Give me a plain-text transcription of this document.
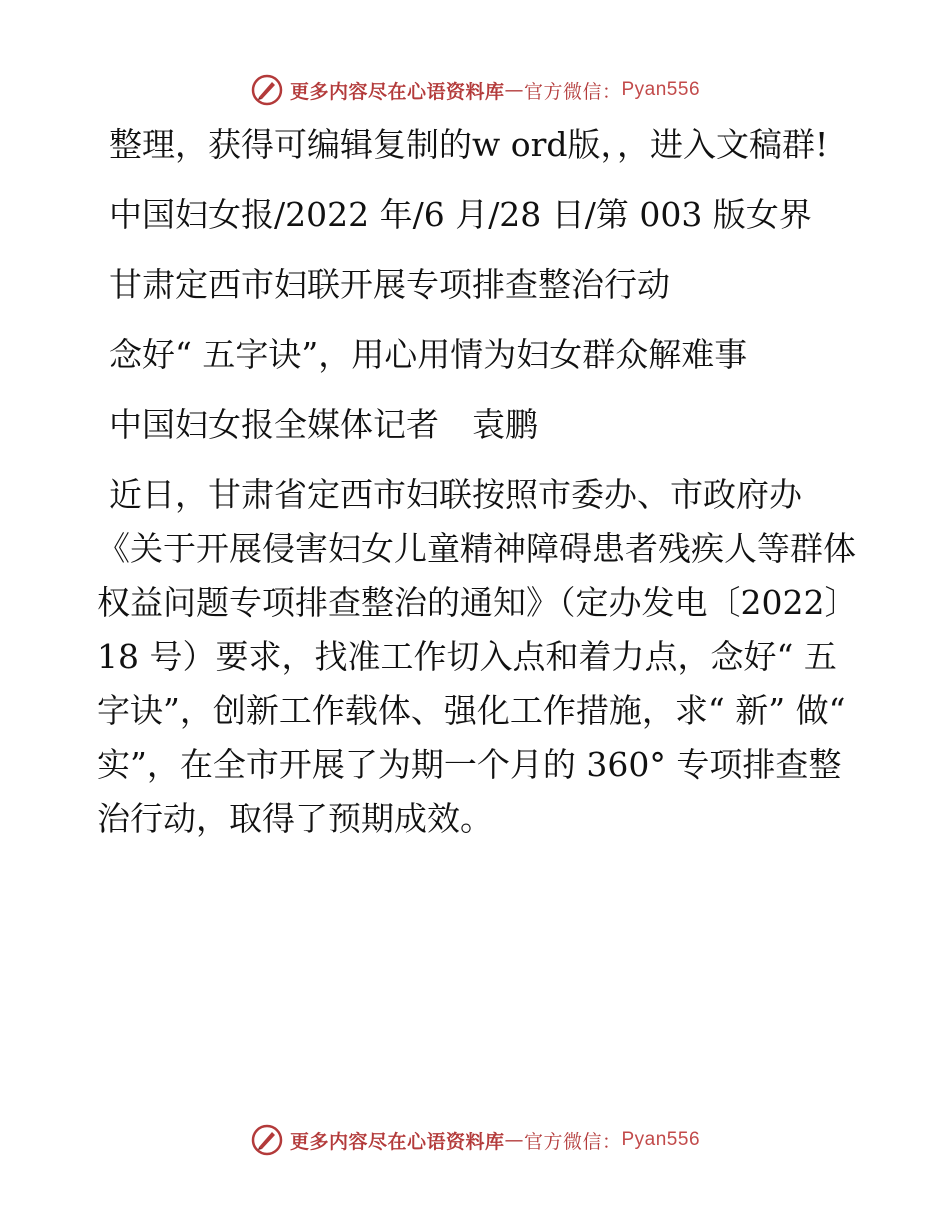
更多内容尽在心语资料库 — 官方微信： Pyan556

整理，获得可编辑复制的w ord版，，进入文稿群!

中国妇女报/2022 年/6 月/28 日/第 003 版女界

甘肃定西市妇联开展专项排查整治行动

念好“ 五字诀”，用心用情为妇女群众解难事

中国妇女报全媒体记者　袁鹏

近日，甘肃省定西市妇联按照市委办、市政府办《关于开展侵害妇女儿童精神障碍患者残疾人等群体权益问题专项排查整治的通知》（定办发电〔2022〕18 号）要求，找准工作切入点和着力点，念好“ 五字诀”，创新工作载体、强化工作措施，求“ 新” 做“ 实”，在全市开展了为期一个月的 360° 专项排查整治行动，取得了预期成效。

更多内容尽在心语资料库 — 官方微信： Pyan556
